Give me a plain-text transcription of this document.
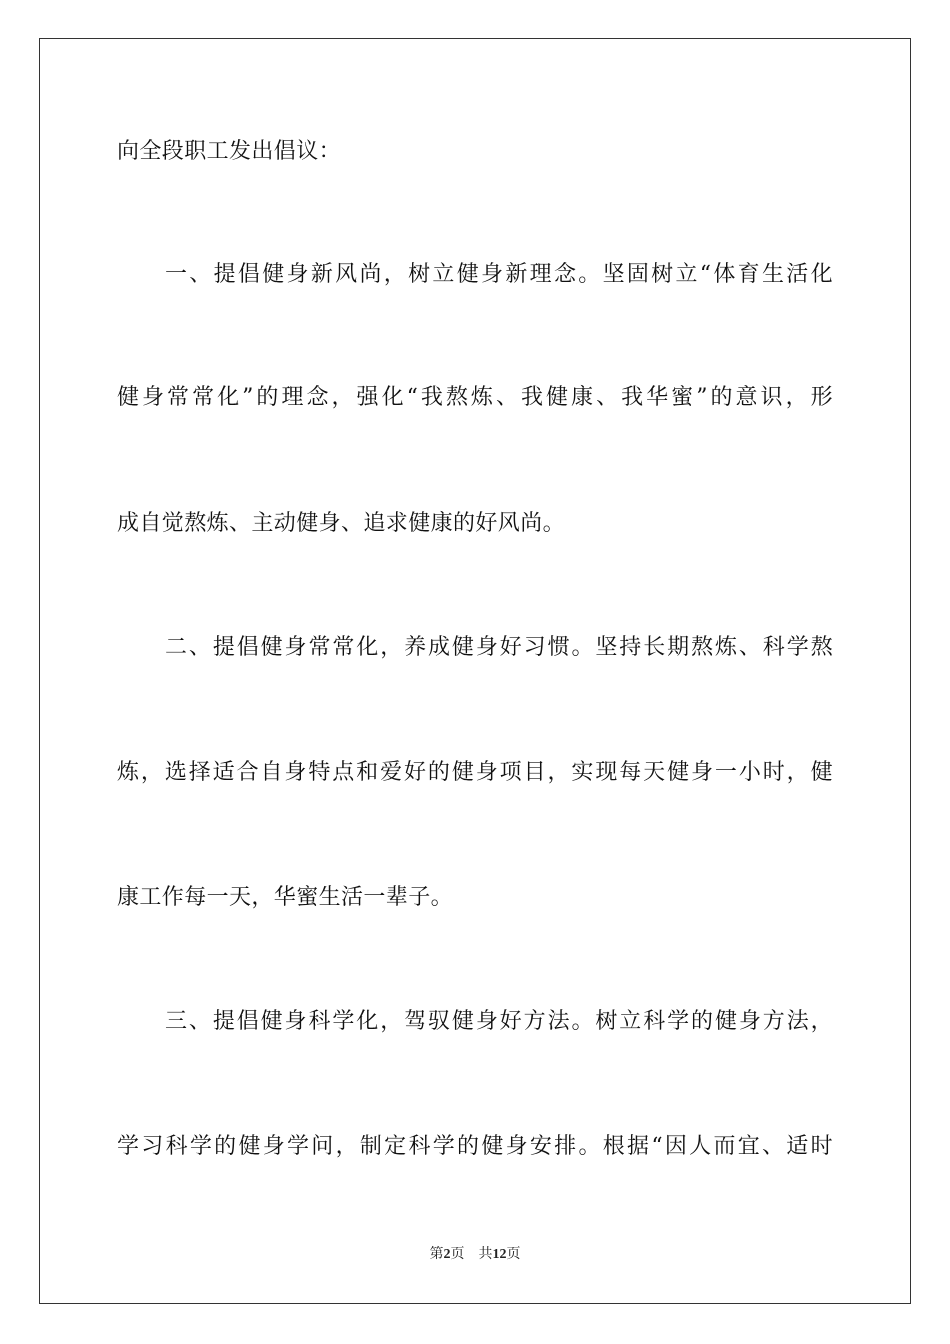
向全段职工发出倡议：
一、提倡健身新风尚，树立健身新理念。坚固树立“体育生活化
健身常常化”的理念，强化“我熬炼、我健康、我华蜜”的意识，形
成自觉熬炼、主动健身、追求健康的好风尚。
二、提倡健身常常化，养成健身好习惯。坚持长期熬炼、科学熬
炼，选择适合自身特点和爱好的健身项目，实现每天健身一小时，健
康工作每一天，华蜜生活一辈子。
三、提倡健身科学化，驾驭健身好方法。树立科学的健身方法，
学习科学的健身学问，制定科学的健身安排。根据“因人而宜、适时
第2页 共12页
